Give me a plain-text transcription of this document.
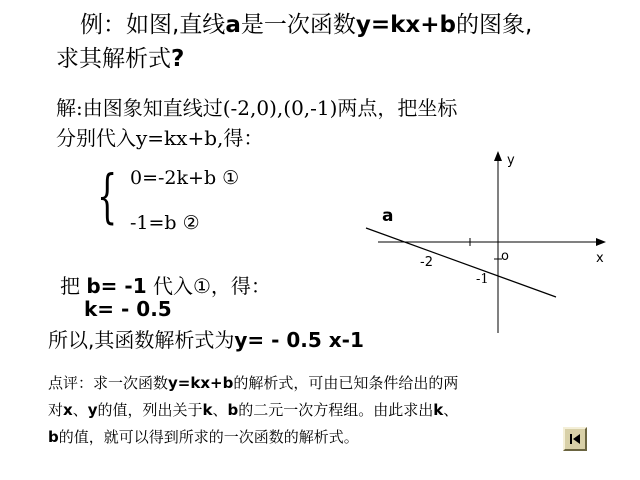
例：如图,直线a是一次函数y=kx+b的图象,
求其解析式?
解:由图象知直线过(-2,0),(0,-1)两点，把坐标
分别代入y=kx+b,得：
{ 0=-2k+b ①
-1=b ②
把 b= -1 代入①，得：
k= - 0.5
所以,其函数解析式为y= - 0.5 x-1
y
x
o
a
-2
-1
点评：求一次函数y=kx+b的解析式，可由已知条件给出的两
对x、y的值，列出关于k、b的二元一次方程组。由此求出k、
b的值，就可以得到所求的一次函数的解析式。
